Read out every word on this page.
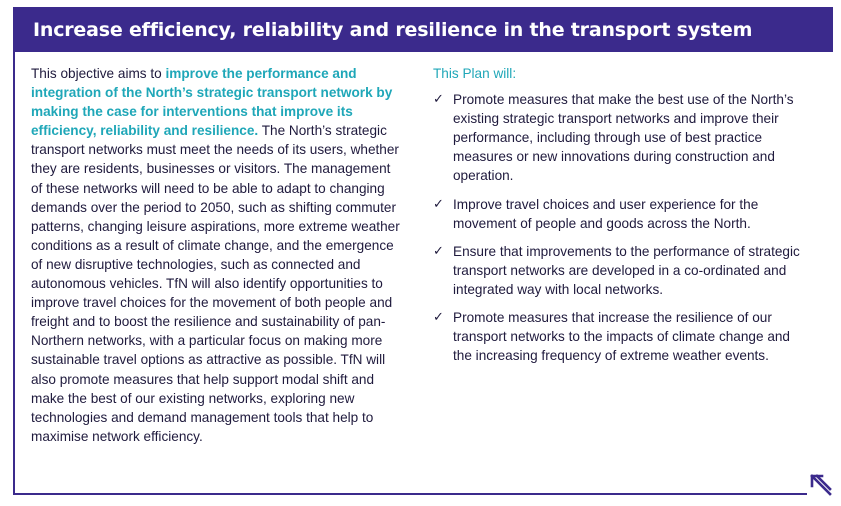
Increase efficiency, reliability and resilience in the transport system

This objective aims to improve the performance and integration of the North’s strategic transport network by making the case for interventions that improve its efficiency, reliability and resilience. The North’s strategic transport networks must meet the needs of its users, whether they are residents, businesses or visitors. The management of these networks will need to be able to adapt to changing demands over the period to 2050, such as shifting commuter patterns, changing leisure aspirations, more extreme weather conditions as a result of climate change, and the emergence of new disruptive technologies, such as connected and autonomous vehicles. TfN will also identify opportunities to improve travel choices for the movement of both people and freight and to boost the resilience and sustainability of pan-Northern networks, with a particular focus on making more sustainable travel options as attractive as possible. TfN will also promote measures that help support modal shift and make the best of our existing networks, exploring new technologies and demand management tools that help to maximise network efficiency.

This Plan will:

✓ Promote measures that make the best use of the North’s existing strategic transport networks and improve their performance, including through use of best practice measures or new innovations during construction and operation.
✓ Improve travel choices and user experience for the movement of people and goods across the North.
✓ Ensure that improvements to the performance of strategic transport networks are developed in a co-ordinated and integrated way with local networks.
✓ Promote measures that increase the resilience of our transport networks to the impacts of climate change and the increasing frequency of extreme weather events.
